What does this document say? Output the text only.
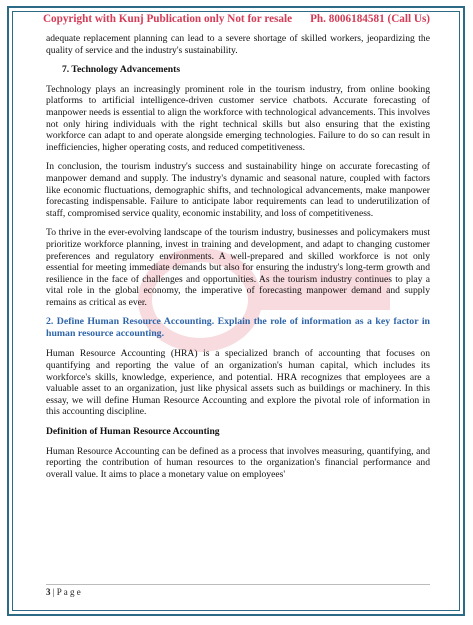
Copyright with Kunj Publication only Not for resale Ph. 8006184581 (Call Us)

adequate replacement planning can lead to a severe shortage of skilled workers, jeopardizing the quality of service and the industry's sustainability.

7. Technology Advancements

Technology plays an increasingly prominent role in the tourism industry, from online booking platforms to artificial intelligence-driven customer service chatbots. Accurate forecasting of manpower needs is essential to align the workforce with technological advancements. This involves not only hiring individuals with the right technical skills but also ensuring that the existing workforce can adapt to and operate alongside emerging technologies. Failure to do so can result in inefficiencies, higher operating costs, and reduced competitiveness.

In conclusion, the tourism industry's success and sustainability hinge on accurate forecasting of manpower demand and supply. The industry's dynamic and seasonal nature, coupled with factors like economic fluctuations, demographic shifts, and technological advancements, make manpower forecasting indispensable. Failure to anticipate labor requirements can lead to underutilization of staff, compromised service quality, economic instability, and loss of competitiveness.

To thrive in the ever-evolving landscape of the tourism industry, businesses and policymakers must prioritize workforce planning, invest in training and development, and adapt to changing customer preferences and regulatory environments. A well-prepared and skilled workforce is not only essential for meeting immediate demands but also for ensuring the industry's long-term growth and resilience in the face of challenges and opportunities. As the tourism industry continues to play a vital role in the global economy, the imperative of forecasting manpower demand and supply remains as critical as ever.

2. Define Human Resource Accounting. Explain the role of information as a key factor in human resource accounting.

Human Resource Accounting (HRA) is a specialized branch of accounting that focuses on quantifying and reporting the value of an organization's human capital, which includes its workforce's skills, knowledge, experience, and potential. HRA recognizes that employees are a valuable asset to an organization, just like physical assets such as buildings or machinery. In this essay, we will define Human Resource Accounting and explore the pivotal role of information in this accounting discipline.

Definition of Human Resource Accounting

Human Resource Accounting can be defined as a process that involves measuring, quantifying, and reporting the contribution of human resources to the organization's financial performance and overall value. It aims to place a monetary value on employees'

3 | P a g e
